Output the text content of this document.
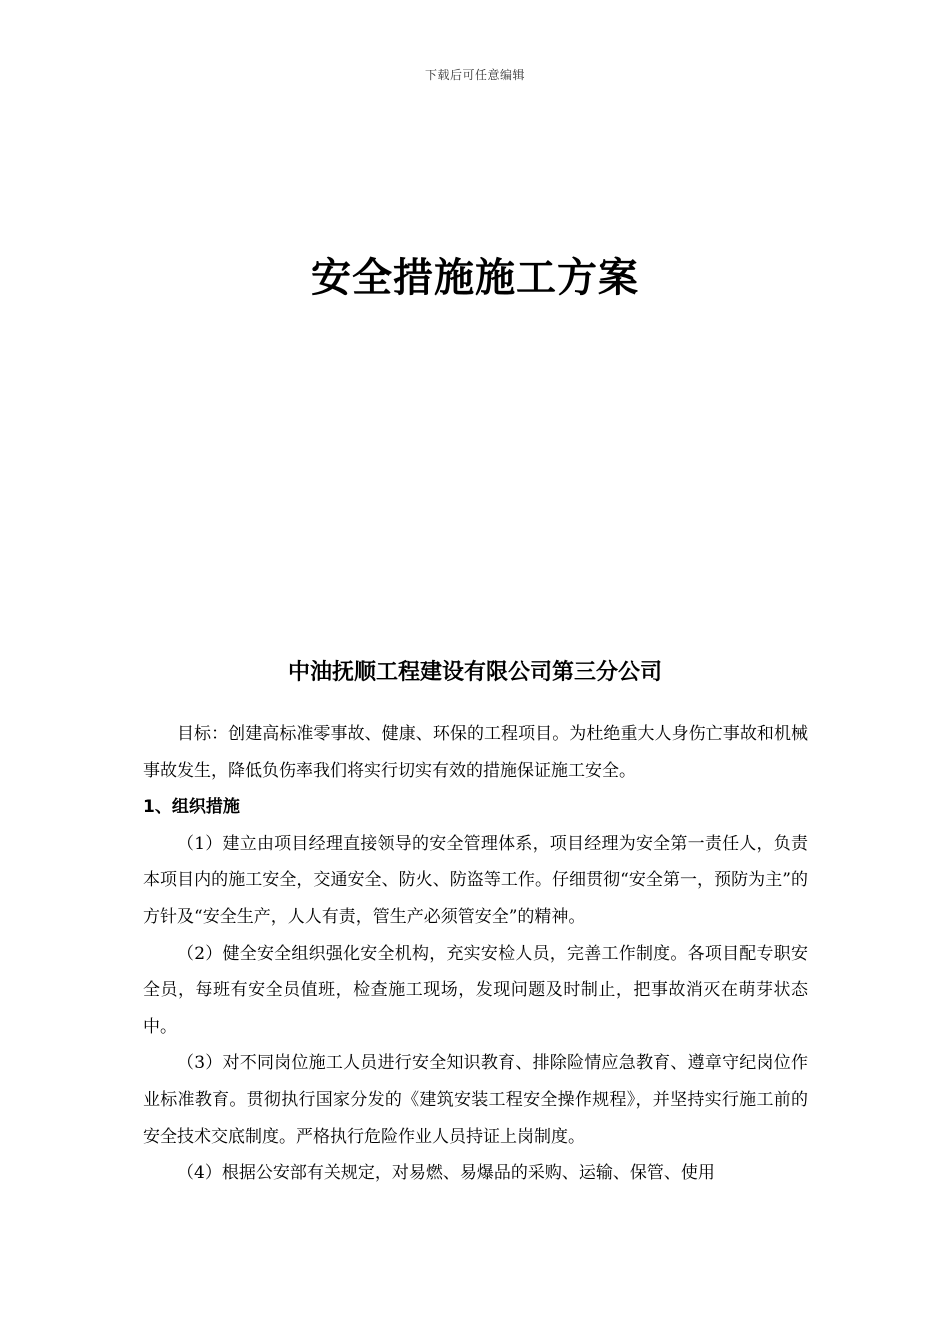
下载后可任意编辑
安全措施施工方案
中油抚顺工程建设有限公司第三分公司

目标：创建高标准零事故、健康、环保的工程项目。为杜绝重大人身伤亡事故和机械事故发生，降低负伤率我们将实行切实有效的措施保证施工安全。

1、组织措施

（1）建立由项目经理直接领导的安全管理体系，项目经理为安全第一责任人，负责本项目内的施工安全，交通安全、防火、防盗等工作。仔细贯彻“安全第一，预防为主”的方针及“安全生产，人人有责，管生产必须管安全”的精神。

（2）健全安全组织强化安全机构，充实安检人员，完善工作制度。各项目配专职安全员，每班有安全员值班，检查施工现场，发现问题及时制止，把事故消灭在萌芽状态中。

（3）对不同岗位施工人员进行安全知识教育、排除险情应急教育、遵章守纪岗位作业标准教育。贯彻执行国家分发的《建筑安装工程安全操作规程》，并坚持实行施工前的安全技术交底制度。严格执行危险作业人员持证上岗制度。

（4）根据公安部有关规定，对易燃、易爆品的采购、运输、保管、使用
